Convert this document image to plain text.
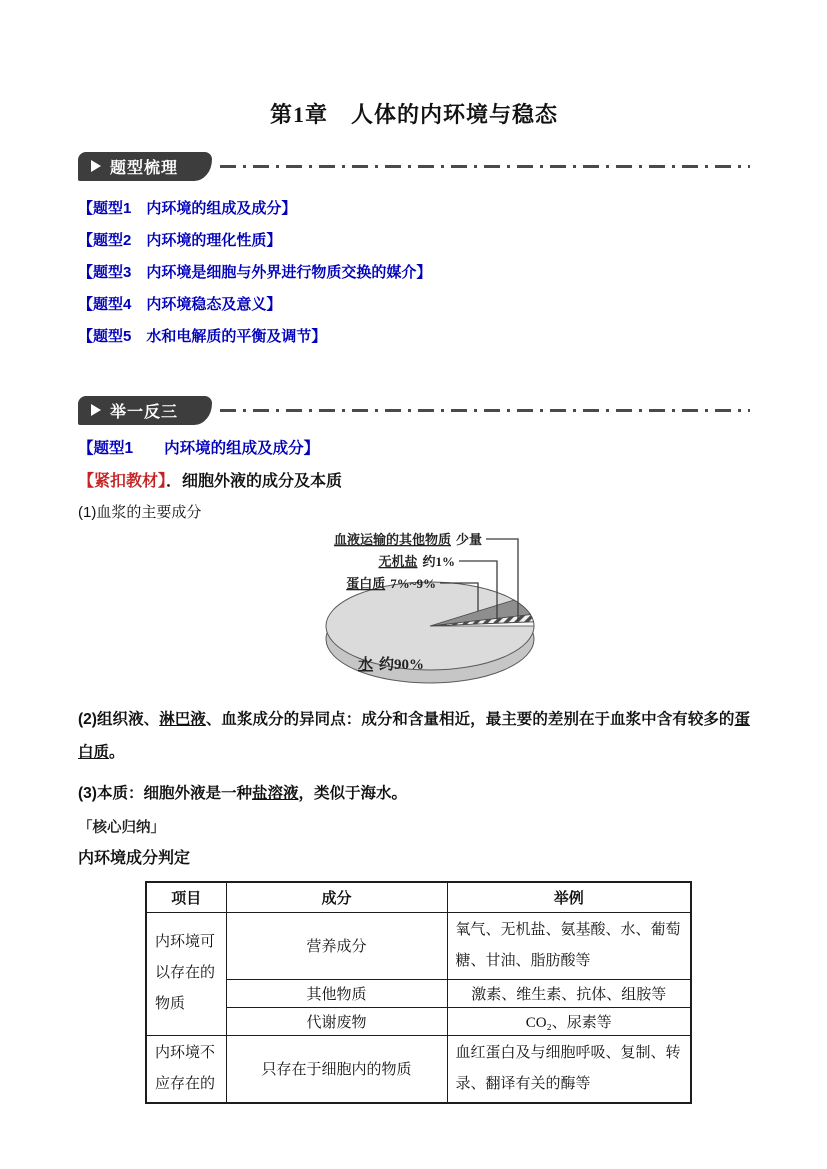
第1章　人体的内环境与稳态
题型梳理
【题型1　内环境的组成及成分】
【题型2　内环境的理化性质】
【题型3　内环境是细胞与外界进行物质交换的媒介】
【题型4　内环境稳态及意义】
【题型5　水和电解质的平衡及调节】
举一反三
【题型1　　内环境的组成及成分】
【紧扣教材】．细胞外液的成分及本质
(1)血浆的主要成分
血液运输的其他物质 少量
无机盐 约1%
蛋白质 7%~9%
水 约90%

(2)组织液、淋巴液、血浆成分的异同点：成分和含量相近，最主要的差别在于血浆中含有较多的蛋白质。

(3)本质：细胞外液是一种盐溶液，类似于海水。

「核心归纳」
内环境成分判定
项目	成分	举例
内环境可以存在的物质	营养成分	氧气、无机盐、氨基酸、水、葡萄糖、甘油、脂肪酸等
	其他物质	激素、维生素、抗体、组胺等
	代谢废物	CO₂、尿素等
内环境不应存在的	只存在于细胞内的物质	血红蛋白及与细胞呼吸、复制、转录、翻译有关的酶等
